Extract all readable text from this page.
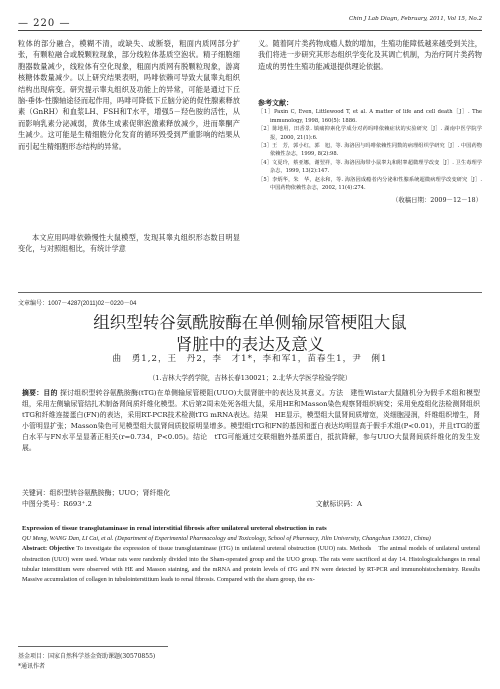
— 220 —	Chin J Lab Diagn, February, 2011, Vol 15, No.2

粒体的部分融合，模糊不清，或缺失、或断裂，粗面内质网部分扩张，有颗粒融合或脱颗粒现象，部分线粒体基质空泡状。精子细胞细胞器数量减少，线粒体有空化现象，粗面内质网有脱颗粒现象，游离核糖体数量减少。以上研究结果表明，吗啡依赖可导致大鼠睾丸组织结构出现病变。研究提示睾丸组织及功能上的异常，可能是通过下丘脑-垂体-性腺轴途径而起作用，吗啡可降低下丘脑分泌的促性腺素释放素（GnRH）和血浆LH、FSH和T水平，增强5－羟色胺的活性，从而影响乳素分泌减弱，黄体生成素促卵泡激素释放减少，进而睾酮产生减少。这可能是生精细胞分化发育的循环毁受到严重影响的结果从而引起生精细胞形态结构的异常。

本文应用吗啡依赖慢性大鼠模型，发现其睾丸组织形态数目明显变化，与对照组相比，有统计学意

义。随着阿片类药物成瘾人数的增加，生殖功能障低越来越受到关注，我们将进一步研究其形态组织学变化及其调亡机制，为治疗阿片类药物造成的男性生殖功能减退提供理论依据。

参考文献：
［1］Paxin C, Even, Littlewood T, et al. A matter of life and cell death［J］. The immunology, 1998, 160(5): 1886.
［2］陈地用，田香景. 镇痛抑素化学成分对药吗啡依赖症状的实验研究［J］. 湖南中医学院学报，2000, 21(1):6.
［3］王　芳，郭小红，郭　旭，等. 海洛因与吗啡依赖性同数的病理组织学研究［J］. 中国药物依赖性杂志，1999, 8(2):98.
［4］文夏玲，蔡亚娜，谢翌祥，等. 海洛因海带小鼠睾丸和附睾超微理学改变［J］. 卫生毒理学杂志，1999, 13(2):147.
［5］李炳华，朱　华，赵永和，等. 海洛因成瘾者内分泌和性腺系统超微病理学改变研究［J］. 中国药物依赖性杂志，2002, 11(4):274.
（收稿日期：2009－12－18）
文章编号：1007－4287(2011)02－0220－04
组织型转谷氨酰胺酶在单侧输尿管梗阻大鼠
肾脏中的表达及意义
曲　勇1,2，王　丹2，李　才1*，李和军1，苗春生1，尹　俐1
（1.吉林大学药学院，吉林长春130021；2.北华大学医学检验学院）
摘要：目的 探讨组织型转谷氨酰胺酶(tTG)在单侧输尿管梗阻(UUO)大鼠肾脏中的表达及其意义。方法　建性Wistar大鼠随机分为假手术组和模型组，采用左侧输尿管结扎术制备肾间质纤维化模型。术后第2周未处死各组大鼠，采用HE和Masson染色观察肾组织病变；采用免疫组化法检测肾组织tTG和纤维连接蛋白(FN)的表达，采用RT-PCR技术检测tTG mRNA表达。结果　HE显示，模型组大鼠肾间质增宽，炎细胞浸润，纤维组织增生，肾小管明显扩张；Masson染色可见模型组大鼠肾间质胶原明显增多。模型组tTG和FN的基因和蛋白表达均明显高于假手术组(P<0.01)，并且tTG的蛋白水平与FN水平呈显著正相关(r=0.734，P<0.05)。结论　tTG可能通过交联细胞外基质蛋白，抵抗降解，参与UUO大鼠肾间质纤维化的发生发展。
关键词：组织型转谷氨酰胺酶；UUO；肾纤维化
中图分类号：R693⁺.2	文献标识码：A
Expression of tissue transglutaminase in renal interstitial fibrosis after unilateral ureteral obstruction in rats
QU Meng, WANG Dan, LI Cai, et al. (Department of Experimental Pharmacology and Toxicology, School of Pharmacy, Jilin University, Changchun 130021, China)
Abstract: Objective To investigate the expression of tissue transglutaminase (tTG) in unilateral ureteral obstruction (UUO) rats. Methods　The animal models of unilateral ureteral obstruction (UUO) were used. Wistar rats were randomly divided into the Sham-operated group and the UUO group. The rats were sacrificed at day 14. Histologicalchanges in renal tubular interstitium were observed with HE and Masson staining, and the mRNA and protein levels of tTG and FN were detected by RT-PCR and immunohistochemistry. Results　Massive accumulation of collagen in tubulointerstitium leads to renal fibrosis. Compared with the sham group, the ex-
基金项目：国家自然科学基金资助课题(30570855)
*通讯作者
